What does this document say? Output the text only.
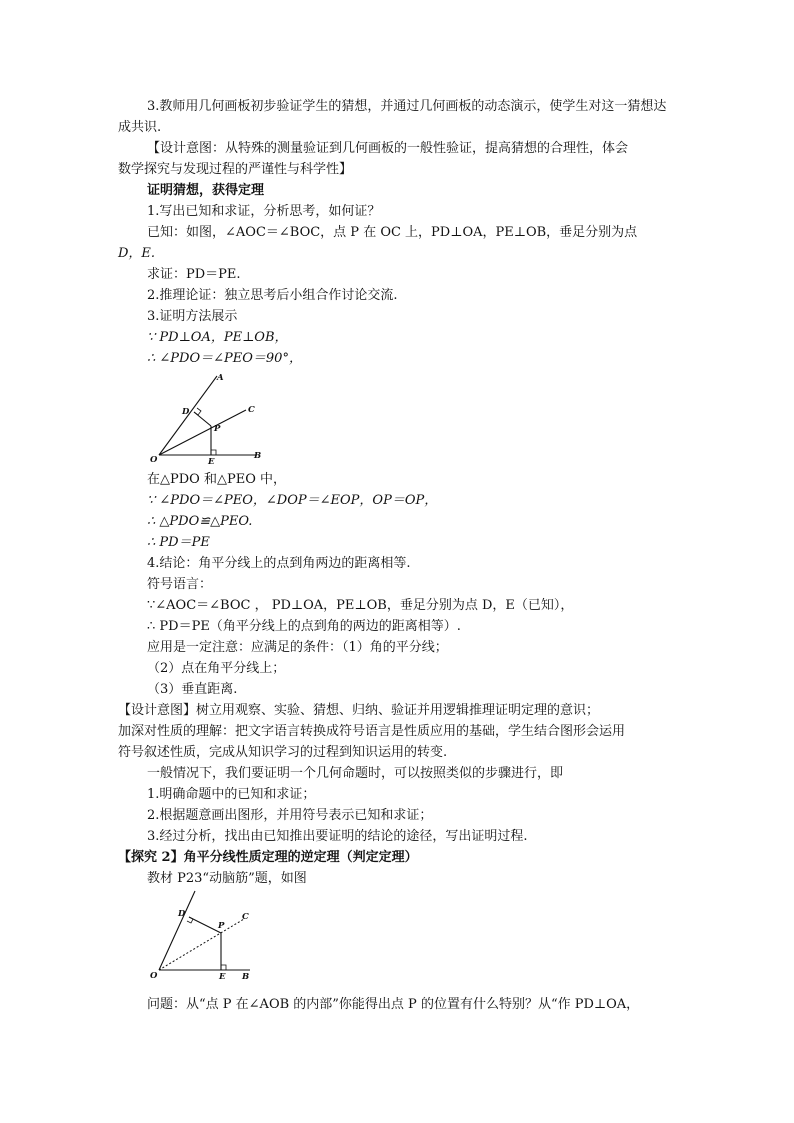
3.教师用几何画板初步验证学生的猜想，并通过几何画板的动态演示，使学生对这一猜想达
成共识.
【设计意图：从特殊的测量验证到几何画板的一般性验证，提高猜想的合理性，体会
数学探究与发现过程的严谨性与科学性】
证明猜想，获得定理
1.写出已知和求证，分析思考，如何证？
已知：如图，∠AOC＝∠BOC，点 P 在 OC 上，PD⊥OA，PE⊥OB，垂足分别为点
D，E.
求证：PD＝PE.
2.推理论证：独立思考后小组合作讨论交流.
3.证明方法展示
∵ PD⊥OA，PE⊥OB，
∴ ∠PDO＝∠PEO＝90°，
A
C
D
P
O	E
B
在△PDO 和△PEO 中，
∵ ∠PDO＝∠PEO，∠DOP＝∠EOP，OP＝OP，
∴ △PDO≌△PEO.
∴ PD＝PE
4.结论：角平分线上的点到角两边的距离相等.
符号语言：
∵∠AOC＝∠BOC ， PD⊥OA，PE⊥OB，垂足分别为点 D，E（已知），
∴ PD＝PE（角平分线上的点到角的两边的距离相等）.
应用是一定注意：应满足的条件：（1）角的平分线；
（2）点在角平分线上；
（3）垂直距离.
【设计意图】树立用观察、实验、猜想、归纳、验证并用逻辑推理证明定理的意识；
加深对性质的理解：把文字语言转换成符号语言是性质应用的基础，学生结合图形会运用
符号叙述性质，完成从知识学习的过程到知识运用的转变.
一般情况下，我们要证明一个几何命题时，可以按照类似的步骤进行，即
1.明确命题中的已知和求证；
2.根据题意画出图形，并用符号表示已知和求证；
3.经过分析，找出由已知推出要证明的结论的途径，写出证明过程.
【探究 2】角平分线性质定理的逆定理（判定定理）
教材 P23“动脑筋”题，如图
D
P
C
O	E B
问题：从“点 P 在∠AOB 的内部”你能得出点 P 的位置有什么特别？从“作 PD⊥OA，
